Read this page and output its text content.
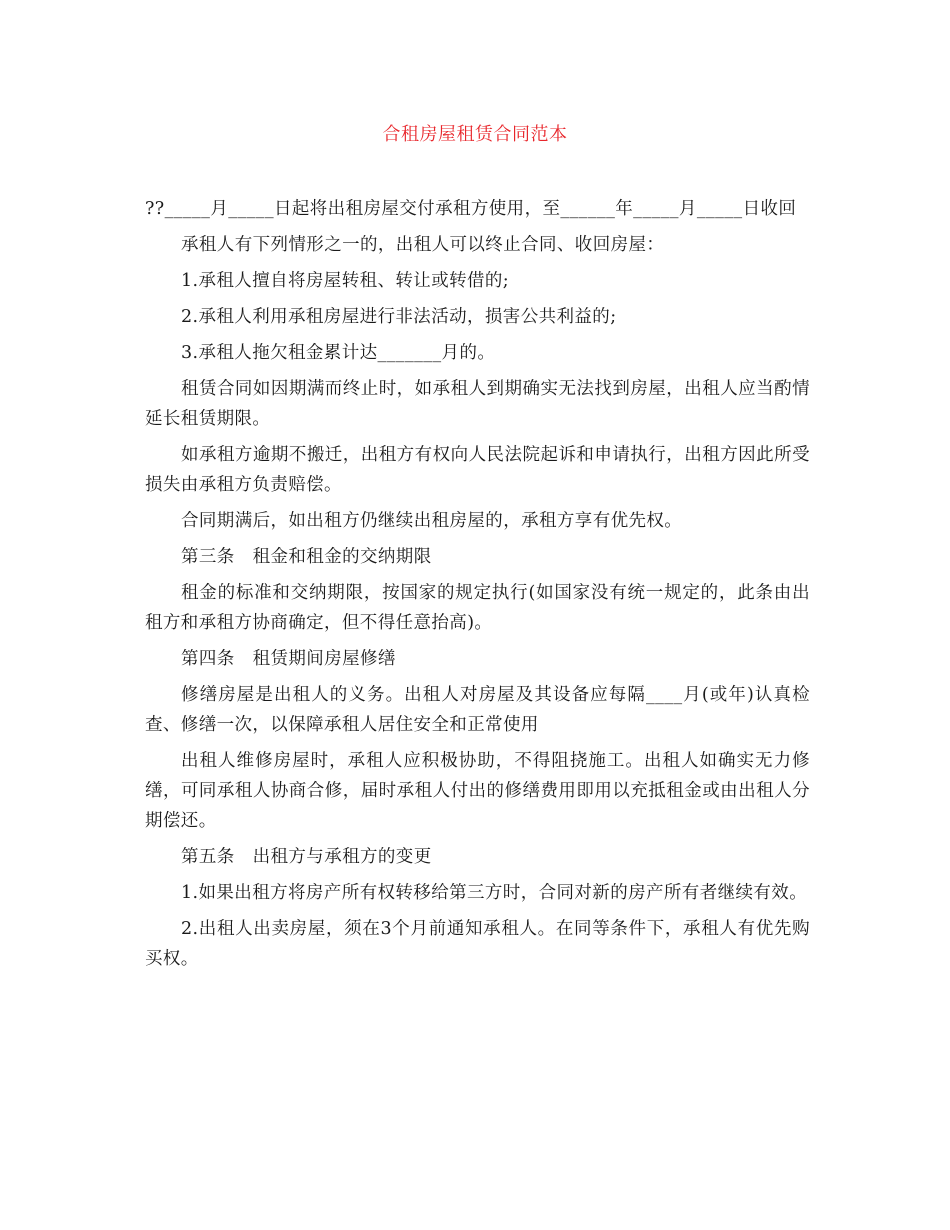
合租房屋租赁合同范本

??_____月_____日起将出租房屋交付承租方使用，至______年_____月_____日收回

承租人有下列情形之一的，出租人可以终止合同、收回房屋：

1.承租人擅自将房屋转租、转让或转借的;

2.承租人利用承租房屋进行非法活动，损害公共利益的;

3.承租人拖欠租金累计达_______月的。

租赁合同如因期满而终止时，如承租人到期确实无法找到房屋，出租人应当酌情延长租赁期限。

如承租方逾期不搬迁，出租方有权向人民法院起诉和申请执行，出租方因此所受损失由承租方负责赔偿。

合同期满后，如出租方仍继续出租房屋的，承租方享有优先权。

第三条　租金和租金的交纳期限

租金的标准和交纳期限，按国家的规定执行(如国家没有统一规定的，此条由出租方和承租方协商确定，但不得任意抬高)。

第四条　租赁期间房屋修缮

修缮房屋是出租人的义务。出租人对房屋及其设备应每隔____月(或年)认真检查、修缮一次，以保障承租人居住安全和正常使用

出租人维修房屋时，承租人应积极协助，不得阻挠施工。出租人如确实无力修缮，可同承租人协商合修，届时承租人付出的修缮费用即用以充抵租金或由出租人分期偿还。

第五条　出租方与承租方的变更

1.如果出租方将房产所有权转移给第三方时，合同对新的房产所有者继续有效。

2.出租人出卖房屋，须在3个月前通知承租人。在同等条件下，承租人有优先购买权。
